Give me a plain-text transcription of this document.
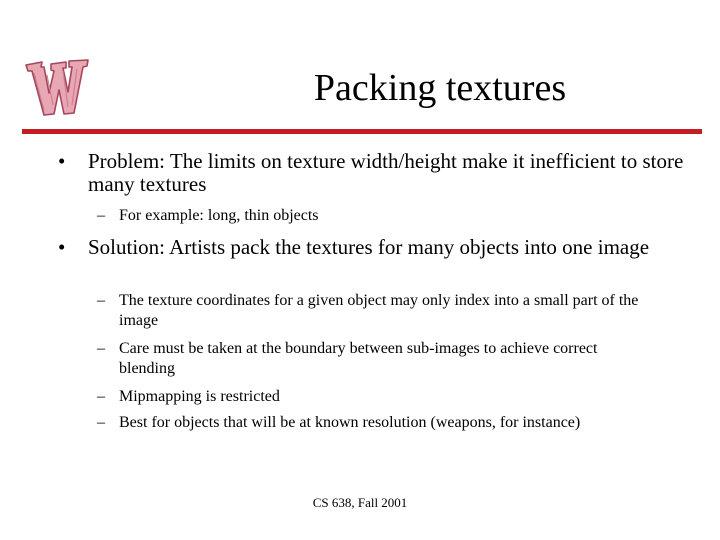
Packing textures
• Problem: The limits on texture width/height make it inefficient to store many textures
– For example: long, thin objects
• Solution: Artists pack the textures for many objects into one image
– The texture coordinates for a given object may only index into a small part of the image
– Care must be taken at the boundary between sub-images to achieve correct blending
– Mipmapping is restricted
– Best for objects that will be at known resolution (weapons, for instance)
CS 638, Fall 2001
